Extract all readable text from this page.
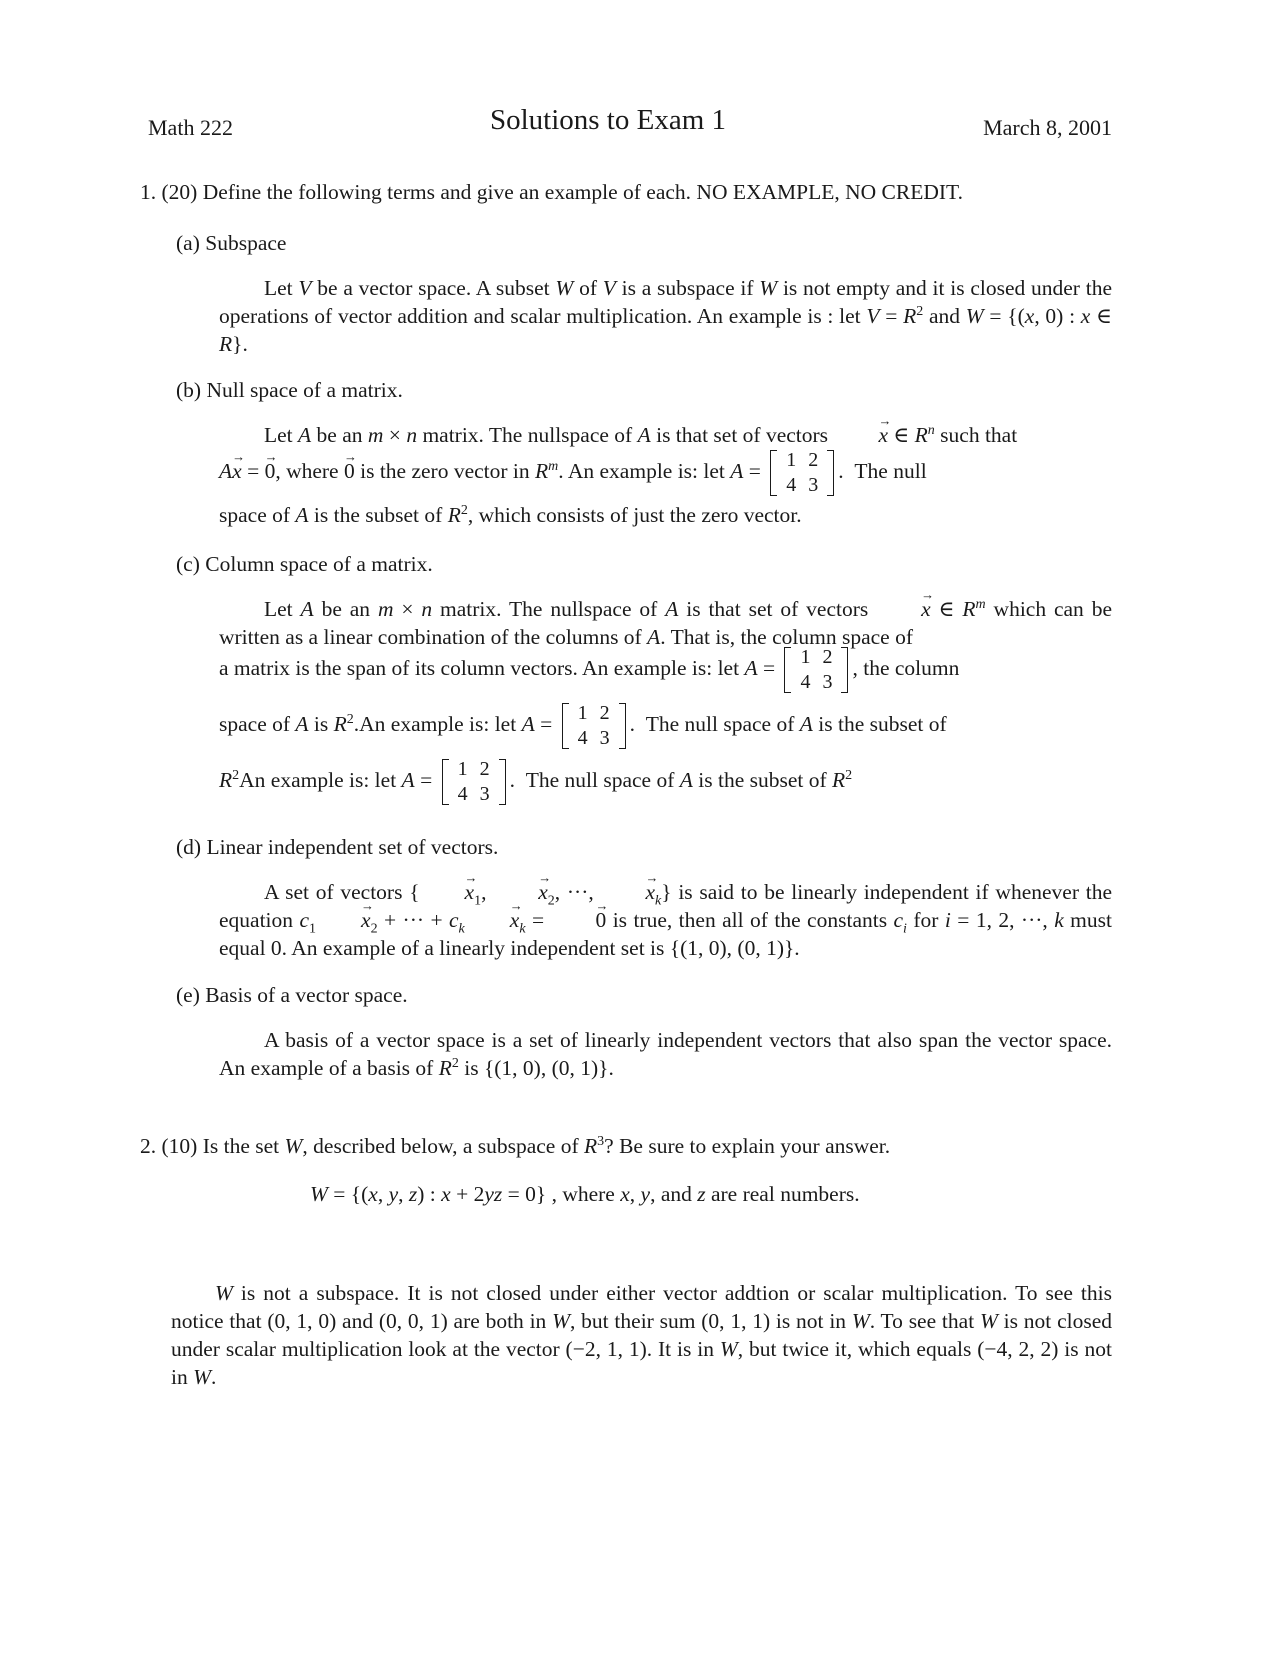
Math 222	Solutions to Exam 1	March 8, 2001
1. (20) Define the following terms and give an example of each. NO EXAMPLE, NO CREDIT.
(a) Subspace

Let V be a vector space. A subset W of V is a subspace if W is not empty and it is closed under the operations of vector addition and scalar multiplication. An example is : let $V = R^2$ and W = {(x, 0) : x ∈ R}.

(b) Null space of a matrix.

Let A be an m × n matrix. The nullspace of A is that set of vectors → x ∈ $R^n$ such that

A→ x = → 0, where → 0 is the zero vector in $R^m$. An example is: let A = 1	2
4	3
.  The null
space of A is the subset of $R^2$, which consists of just the zero vector.
(c) Column space of a matrix.

Let A be an m × n matrix. The nullspace of A is that set of vectors → x ∈ $R^m$ which can be written as a linear combination of the columns of A. That is, the column space of

a matrix is the span of its column vectors. An example is: let A = 1	2
4	3
, the column
space of A is $R^2.An$ example is: let A = 1	2
4	3
.  The null space of A is the subset of
$R^2An$ example is: let A = 1	2
4	3
.  The null space of A is the subset of $R^2$
(d) Linear independent set of vectors.

A set of vectors { → $x_1$, → $x_2$, ···, → $x_k$} is said to be linearly independent if whenever the equation $c_1 \to x_2$ + ··· + $c_k \to x_k$ = → 0 is true, then all of the constants $c_i$ for i = 1, 2, ···, k must equal 0. An example of a linearly independent set is {(1, 0), (0, 1)}.

(e) Basis of a vector space.

A basis of a vector space is a set of linearly independent vectors that also span the vector space. An example of a basis of $R^2$ is {(1, 0), (0, 1)}.

2. (10) Is the set W, described below, a subspace of $R^3$? Be sure to explain your answer.
W = {(x, y, z) : x + 2yz = 0} , where x, y, and z are real numbers.

W is not a subspace. It is not closed under either vector addtion or scalar multiplication. To see this notice that (0, 1, 0) and (0, 0, 1) are both in W, but their sum (0, 1, 1) is not in W. To see that W is not closed under scalar multiplication look at the vector (−2, 1, 1). It is in W, but twice it, which equals (−4, 2, 2) is not in W.
